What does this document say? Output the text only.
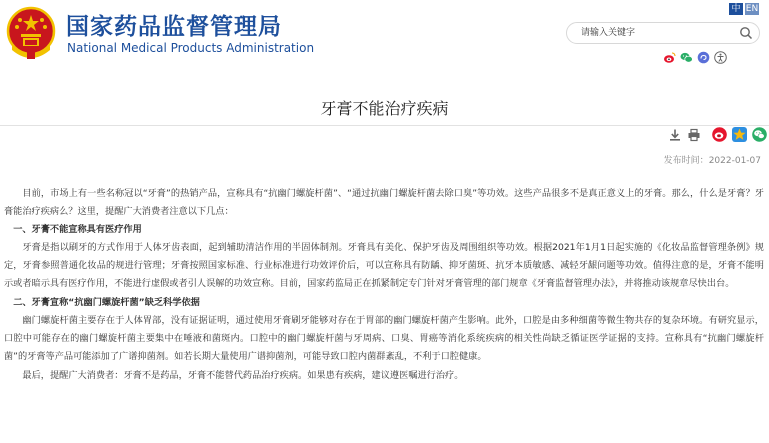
国家药品监督管理局
National Medical Products Administration
中 EN
请输入关键字
牙膏不能治疗疾病
发布时间：2022-01-07

目前，市场上有一些名称冠以“牙膏”的热销产品，宣称具有“抗幽门螺旋杆菌”、“通过抗幽门螺旋杆菌去除口臭”等功效。这些产品很多不是真正意义上的牙膏。那么，什么是牙膏？牙膏能治疗疾病么？这里，提醒广大消费者注意以下几点：

一、牙膏不能宣称具有医疗作用

牙膏是指以刷牙的方式作用于人体牙齿表面，起到辅助清洁作用的半固体制剂。牙膏具有美化、保护牙齿及周围组织等功效。根据2021年1月1日起实施的《化妆品监督管理条例》规定，牙膏参照普通化妆品的规进行管理；牙膏按照国家标准、行业标准进行功效评价后，可以宣称具有防龋、抑牙菌斑、抗牙本质敏感、减轻牙龈问题等功效。值得注意的是，牙膏不能明示或者暗示具有医疗作用，不能进行虚假或者引人误解的功效宣称。目前，国家药监局正在抓紧制定专门针对牙膏管理的部门规章《牙膏监督管理办法》，并将推动该规章尽快出台。

二、牙膏宣称“抗幽门螺旋杆菌”缺乏科学依据

幽门螺旋杆菌主要存在于人体胃部，没有证据证明，通过使用牙膏刷牙能够对存在于胃部的幽门螺旋杆菌产生影响。此外，口腔是由多种细菌等微生物共存的复杂环境。有研究显示，口腔中可能存在的幽门螺旋杆菌主要集中在唾液和菌斑内。口腔中的幽门螺旋杆菌与牙周病、口臭、胃癌等消化系统疾病的相关性尚缺乏循证医学证据的支持。宣称具有“抗幽门螺旋杆菌”的牙膏等产品可能添加了广谱抑菌剂。如若长期大量使用广谱抑菌剂，可能导致口腔内菌群紊乱，不利于口腔健康。

最后，提醒广大消费者：牙膏不是药品，牙膏不能替代药品治疗疾病。如果患有疾病，建议遵医嘱进行治疗。
